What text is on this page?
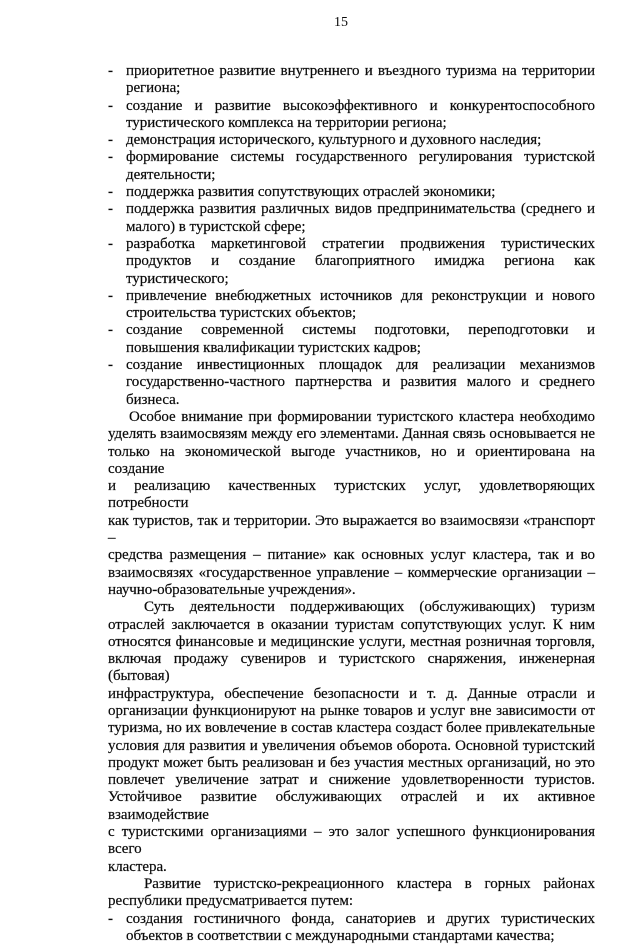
15
- приоритетное развитие внутреннего и въездного туризма на территории
региона;
- создание и развитие высокоэффективного и конкурентоспособного
туристического комплекса на территории региона;
- демонстрация исторического, культурного и духовного наследия;
- формирование системы государственного регулирования туристской
деятельности;
- поддержка развития сопутствующих отраслей экономики;
- поддержка развития различных видов предпринимательства (среднего и
малого) в туристской сфере;
- разработка маркетинговой стратегии продвижения туристических
продуктов и создание благоприятного имиджа региона как
туристического;
- привлечение внебюджетных источников для реконструкции и нового
строительства туристских объектов;
- создание современной системы подготовки, переподготовки и
повышения квалификации туристских кадров;
- создание инвестиционных площадок для реализации механизмов
государственно-частного партнерства и развития малого и среднего
бизнеса.
Особое внимание при формировании туристского кластера необходимо
уделять взаимосвязям между его элементами. Данная связь основывается не
только на экономической выгоде участников, но и ориентирована на создание
и реализацию качественных туристских услуг, удовлетворяющих потребности
как туристов, так и территории. Это выражается во взаимосвязи «транспорт –
средства размещения – питание» как основных услуг кластера, так и во
взаимосвязях «государственное управление – коммерческие организации –
научно-образовательные учреждения».
Суть деятельности поддерживающих (обслуживающих) туризм
отраслей заключается в оказании туристам сопутствующих услуг. К ним
относятся финансовые и медицинские услуги, местная розничная торговля,
включая продажу сувениров и туристского снаряжения, инженерная (бытовая)
инфраструктура, обеспечение безопасности и т. д. Данные отрасли и
организации функционируют на рынке товаров и услуг вне зависимости от
туризма, но их вовлечение в состав кластера создаст более привлекательные
условия для развития и увеличения объемов оборота. Основной туристский
продукт может быть реализован и без участия местных организаций, но это
повлечет увеличение затрат и снижение удовлетворенности туристов.
Устойчивое развитие обслуживающих отраслей и их активное взаимодействие
с туристскими организациями – это залог успешного функционирования всего
кластера.
Развитие туристско-рекреационного кластера в горных районах
республики предусматривается путем:
- создания гостиничного фонда, санаториев и других туристических
объектов в соответствии с международными стандартами качества;
